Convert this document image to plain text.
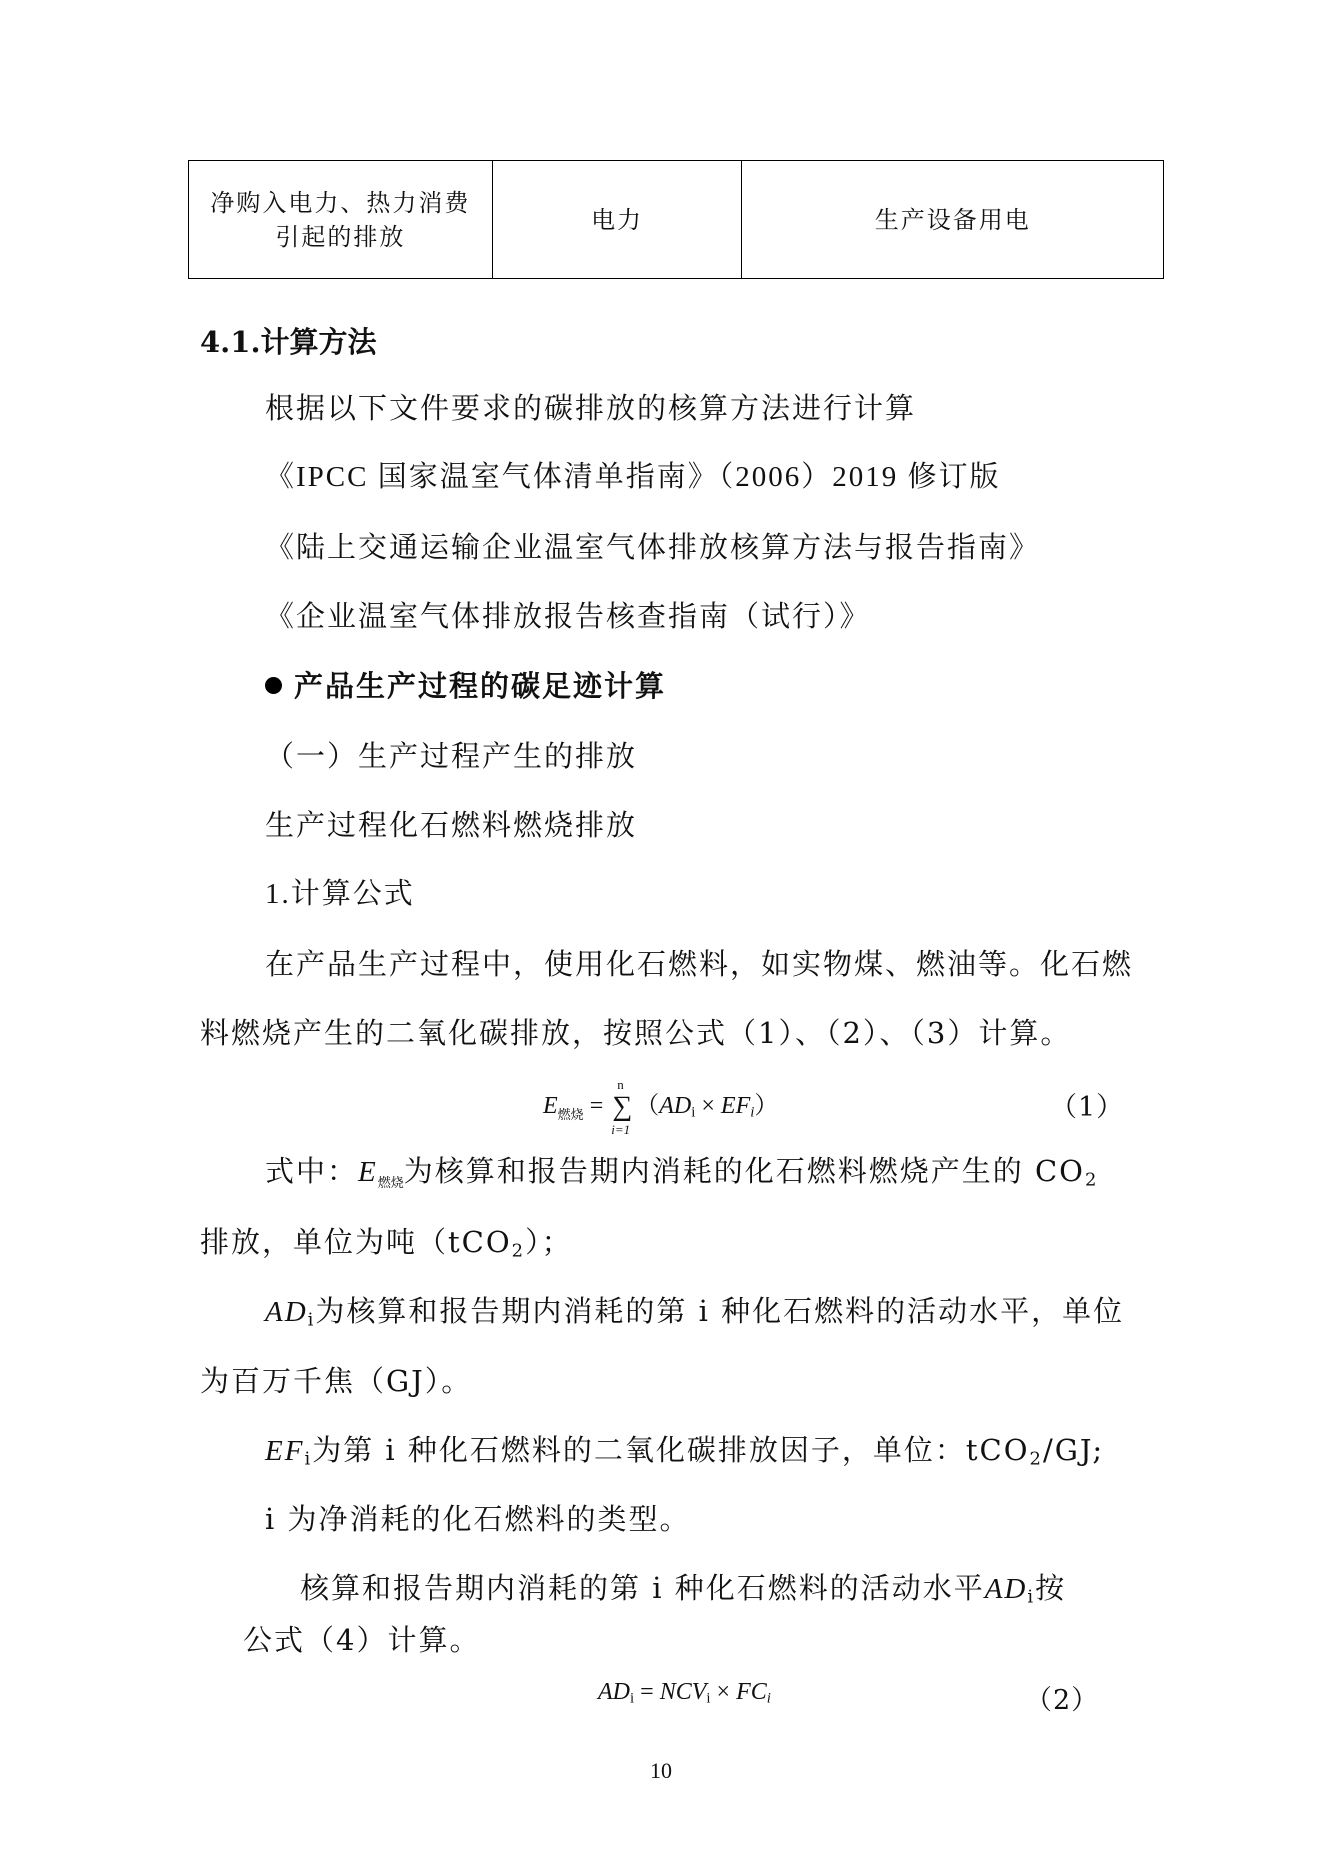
净购入电力、热力消费
引起的排放
	电力	生产设备用电
4.1.计算方法
根据以下文件要求的碳排放的核算方法进行计算
《IPCC 国家温室气体清单指南》（2006）2019 修订版
《陆上交通运输企业温室气体排放核算方法与报告指南》
《企业温室气体排放报告核查指南（试行）》
产品生产过程的碳足迹计算
（一）生产过程产生的排放
生产过程化石燃料燃烧排放
1.计算公式
在产品生产过程中，使用化石燃料，如实物煤、燃油等。化石燃
料燃烧产生的二氧化碳排放，按照公式（1）、（2）、（3）计算。
$E_{燃烧}$ =
n
∑
i=1
$(AD_i \times EF_i)$	（1）
式中：$E_{燃烧}$为核算和报告期内消耗的化石燃料燃烧产生的 $CO_2$
排放，单位为吨（tCO$_2$）；
$AD_i$为核算和报告期内消耗的第 i 种化石燃料的活动水平，单位
为百万千焦（GJ）。
$EF_i$为第 i 种化石燃料的二氧化碳排放因子，单位：tCO$_2$/GJ;
i 为净消耗的化石燃料的类型。
核算和报告期内消耗的第 i 种化石燃料的活动水平$AD_i$按
公式（4）计算。
$AD_i = NCV_i \times FC_i$	（2）
10
